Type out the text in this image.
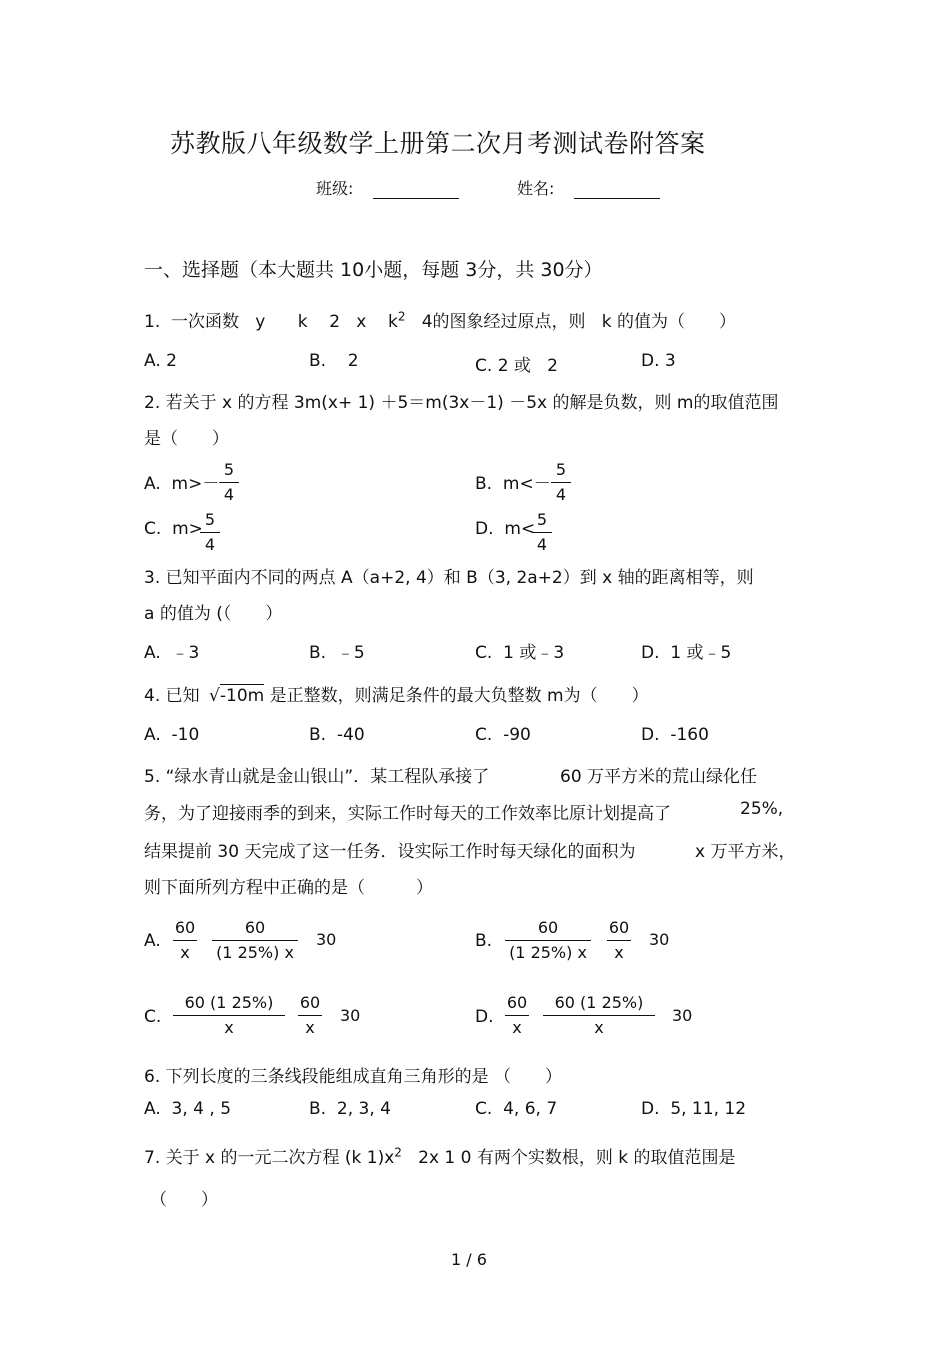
苏教版八年级数学上册第二次月考测试卷附答案
班级:	姓名:
一、选择题（本大题共 10小题，每题 3分，共 30分）
1. 一次函数 y k 2 x $k^2$ 4的图象经过原点，则 k 的值为（　　）
A. 2	B. 2	C. 2 或 2	D. 3
2. 若关于 x 的方程 3m(x+ 1) ＋5＝m(3x－1) －5x 的解是负数，则 m的取值范围
是（　　）
A. m>－
5
4
B. m<－
5
4
C. m> 5
4
D. m< 5
4
3. 已知平面内不同的两点 A（a+2, 4）和 B（3, 2a+2）到 x 轴的距离相等，则
a 的值为 (（　　）
A. ﹣3	B. ﹣5	C. 1 或﹣3	D. 1 或﹣5
4. 已知 √-10m 是正整数，则满足条件的最大负整数 m为（　　）
A. -10	B. -40	C. -90	D. -160
5. “绿水青山就是金山银山”．某工程队承接了	60 万平方米的荒山绿化任
务，为了迎接雨季的到来，实际工作时每天的工作效率比原计划提高了	25%,
结果提前 30 天完成了这一任务．设实际工作时每天绿化的面积为	x 万平方米，
则下面所列方程中正确的是（　　　）
A.
60
x
60
(1 25%) x
30	B.
60
(1 25%) x
60
x
30
C.
60 (1 25%)
x
60
x
30	D.
60
x
60 (1 25%)
x
30
6. 下列长度的三条线段能组成直角三角形的是 （　　）
A. 3, 4 , 5	B. 2, 3, 4	C. 4, 6, 7	D. 5, 11, 12
7. 关于 x 的一元二次方程 (k $1)x^2$ 2x 1 0 有两个实数根，则 k 的取值范围是
（　　）
1 / 6
